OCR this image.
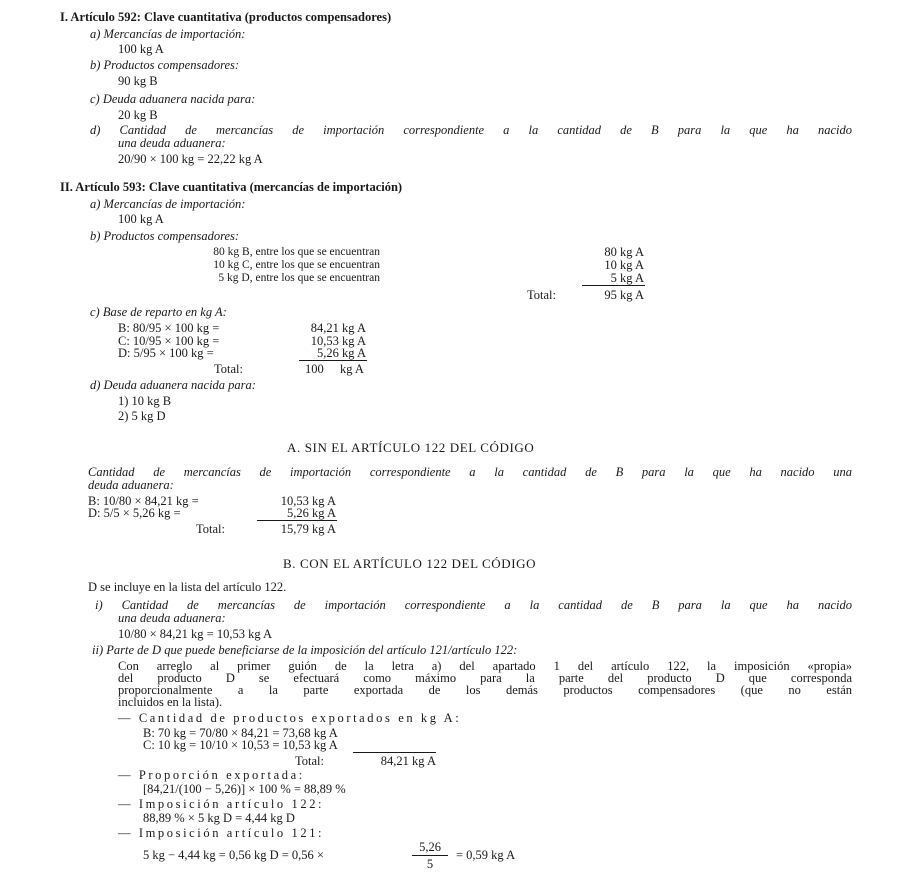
I. Artículo 592: Clave cuantitativa (productos compensadores)
a) Mercancías de importación:
100 kg A
b) Productos compensadores:
90 kg B
c) Deuda aduanera nacida para:
20 kg B
d) Cantidad de mercancías de importación correspondiente a la cantidad de B para la que ha nacido
una deuda aduanera:
20/90 × 100 kg = 22,22 kg A
II. Artículo 593: Clave cuantitativa (mercancías de importación)
a) Mercancías de importación:
100 kg A
b) Productos compensadores:
80 kg B, entre los que se encuentran	80 kg A
10 kg C, entre los que se encuentran	10 kg A
5 kg D, entre los que se encuentran	5 kg A
Total:	95 kg A
c) Base de reparto en kg A:
B: 80/95 × 100 kg =	84,21 kg A
C: 10/95 × 100 kg =	10,53 kg A
D: 5/95 × 100 kg =	5,26 kg A
Total:	100 kg A
d) Deuda aduanera nacida para:
1) 10 kg B
2) 5 kg D
A. SIN EL ARTÍCULO 122 DEL CÓDIGO
Cantidad de mercancías de importación correspondiente a la cantidad de B para la que ha nacido una
deuda aduanera:
B: 10/80 × 84,21 kg =	10,53 kg A
D: 5/5 × 5,26 kg =	5,26 kg A
Total:	15,79 kg A
B. CON EL ARTÍCULO 122 DEL CÓDIGO
D se incluye en la lista del artículo 122.
i) Cantidad de mercancías de importación correspondiente a la cantidad de B para la que ha nacido
una deuda aduanera:
10/80 × 84,21 kg = 10,53 kg A
ii) Parte de D que puede beneficiarse de la imposición del artículo 121/artículo 122:
Con arreglo al primer guión de la letra a) del apartado 1 del artículo 122, la imposición «propia»
del producto D se efectuará como máximo para la parte del producto D que corresponda
proporcionalmente a la parte exportada de los demás productos compensadores (que no están
incluidos en la lista).
— Cantidad de productos exportados en kg A:
B: 70 kg = 70/80 × 84,21 = 73,68 kg A
C: 10 kg = 10/10 × 10,53 = 10,53 kg A
Total:	84,21 kg A
— Proporción exportada:
[84,21/(100 − 5,26)] × 100 % = 88,89 %
— Imposición artículo 122:
88,89 % × 5 kg D = 4,44 kg D
— Imposición artículo 121:
5 kg − 4,44 kg = 0,56 kg D = 0,56 ×
5,26
5
= 0,59 kg A
